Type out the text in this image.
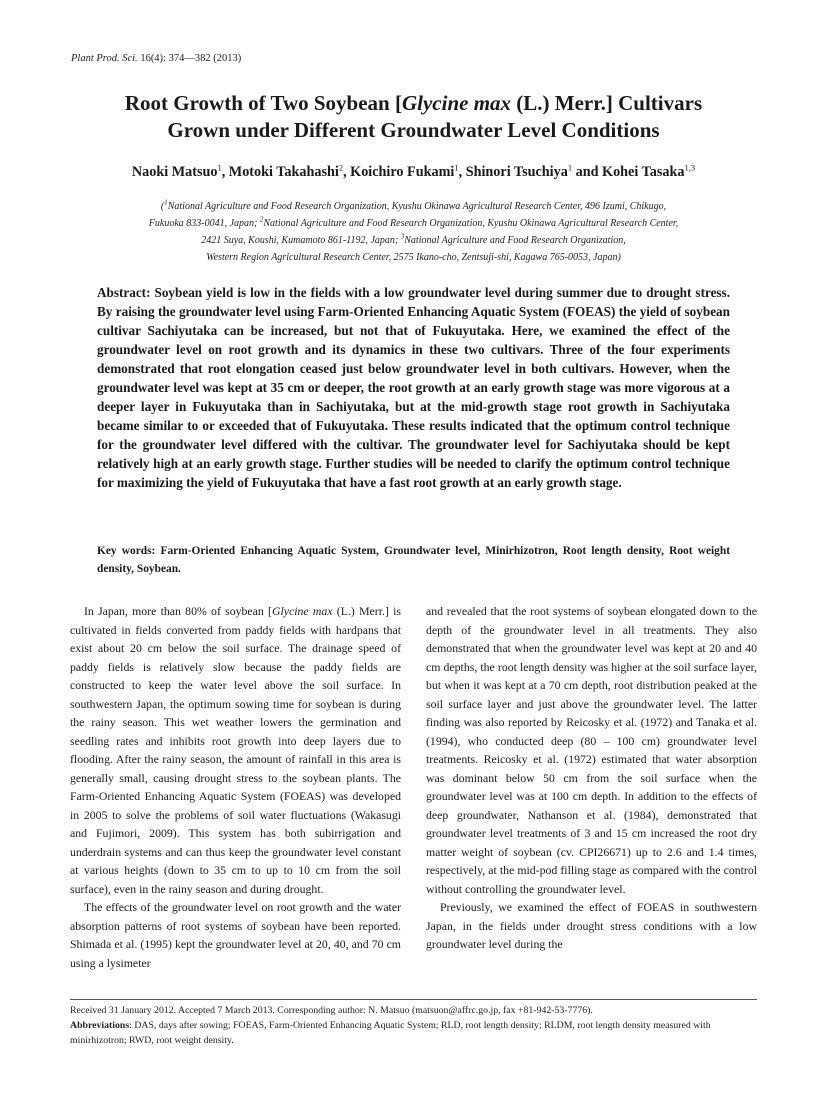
Plant Prod. Sci. 16(4): 374—382 (2013)
Root Growth of Two Soybean [Glycine max (L.) Merr.] Cultivars
Grown under Different Groundwater Level Conditions
Naoki Matsuo$^1$, Motoki Takahashi$^2$, Koichiro Fukami$^1$, Shinori Tsuchiya$^1$ and Kohei Tasaka$^{1,3}$
($^1$National Agriculture and Food Research Organization, Kyushu Okinawa Agricultural Research Center, 496 Izumi, Chikugo,
Fukuoka 833-0041, Japan; $^2$National Agriculture and Food Research Organization, Kyushu Okinawa Agricultural Research Center,
2421 Suya, Koushi, Kumamoto 861-1192, Japan; $^3$National Agriculture and Food Research Organization,
Western Region Agricultural Research Center, 2575 Ikano-cho, Zentsuji-shi, Kagawa 765-0053, Japan)
Abstract: Soybean yield is low in the fields with a low groundwater level during summer due to drought stress. By raising the groundwater level using Farm-Oriented Enhancing Aquatic System (FOEAS) the yield of soybean cultivar Sachiyutaka can be increased, but not that of Fukuyutaka. Here, we examined the effect of the groundwater level on root growth and its dynamics in these two cultivars. Three of the four experiments demonstrated that root elongation ceased just below groundwater level in both cultivars. However, when the groundwater level was kept at 35 cm or deeper, the root growth at an early growth stage was more vigorous at a deeper layer in Fukuyutaka than in Sachiyutaka, but at the mid-growth stage root growth in Sachiyutaka became similar to or exceeded that of Fukuyutaka. These results indicated that the optimum control technique for the groundwater level differed with the cultivar. The groundwater level for Sachiyutaka should be kept relatively high at an early growth stage. Further studies will be needed to clarify the optimum control technique for maximizing the yield of Fukuyutaka that have a fast root growth at an early growth stage.
Key words: Farm-Oriented Enhancing Aquatic System, Groundwater level, Minirhizotron, Root length density, Root weight density, Soybean.

In Japan, more than 80% of soybean [Glycine max (L.) Merr.] is cultivated in fields converted from paddy fields with hardpans that exist about 20 cm below the soil surface. The drainage speed of paddy fields is relatively slow because the paddy fields are constructed to keep the water level above the soil surface. In southwestern Japan, the optimum sowing time for soybean is during the rainy season. This wet weather lowers the germination and seedling rates and inhibits root growth into deep layers due to flooding. After the rainy season, the amount of rainfall in this area is generally small, causing drought stress to the soybean plants. The Farm-Oriented Enhancing Aquatic System (FOEAS) was developed in 2005 to solve the problems of soil water fluctuations (Wakasugi and Fujimori, 2009). This system has both subirrigation and underdrain systems and can thus keep the groundwater level constant at various heights (down to 35 cm to up to 10 cm from the soil surface), even in the rainy season and during drought.

The effects of the groundwater level on root growth and the water absorption patterns of root systems of soybean have been reported. Shimada et al. (1995) kept the groundwater level at 20, 40, and 70 cm using a lysimeter

and revealed that the root systems of soybean elongated down to the depth of the groundwater level in all treatments. They also demonstrated that when the groundwater level was kept at 20 and 40 cm depths, the root length density was higher at the soil surface layer, but when it was kept at a 70 cm depth, root distribution peaked at the soil surface layer and just above the groundwater level. The latter finding was also reported by Reicosky et al. (1972) and Tanaka et al. (1994), who conducted deep (80 – 100 cm) groundwater level treatments. Reicosky et al. (1972) estimated that water absorption was dominant below 50 cm from the soil surface when the groundwater level was at 100 cm depth. In addition to the effects of deep groundwater, Nathanson et al. (1984), demonstrated that groundwater level treatments of 3 and 15 cm increased the root dry matter weight of soybean (cv. CPI26671) up to 2.6 and 1.4 times, respectively, at the mid-pod filling stage as compared with the control without controlling the groundwater level.

Previously, we examined the effect of FOEAS in southwestern Japan, in the fields under drought stress conditions with a low groundwater level during the

Received 31 January 2012. Accepted 7 March 2013. Corresponding author: N. Matsuo (matsuon@affrc.go.jp, fax +81-942-53-7776).
Abbreviations: DAS, days after sowing; FOEAS, Farm-Oriented Enhancing Aquatic System; RLD, root length density; RLDM, root length density measured with minirhizotron; RWD, root weight density.
